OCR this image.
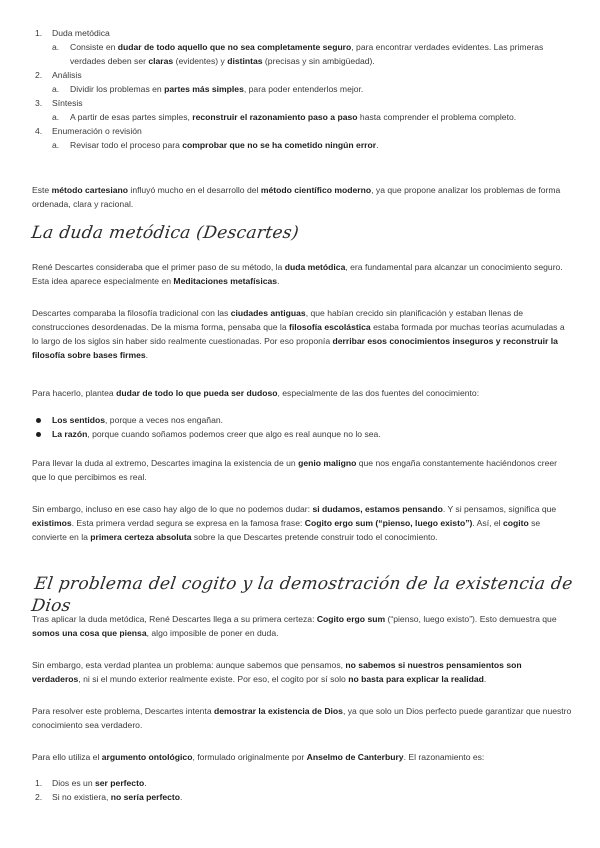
1. Duda metódica
a. Consiste en dudar de todo aquello que no sea completamente seguro, para encontrar verdades evidentes. Las primeras verdades deben ser claras (evidentes) y distintas (precisas y sin ambigüedad).
2. Análisis
a. Dividir los problemas en partes más simples, para poder entenderlos mejor.
3. Síntesis
a. A partir de esas partes simples, reconstruir el razonamiento paso a paso hasta comprender el problema completo.
4. Enumeración o revisión
a. Revisar todo el proceso para comprobar que no se ha cometido ningún error.

Este método cartesiano influyó mucho en el desarrollo del método científico moderno, ya que propone analizar los problemas de forma ordenada, clara y racional.

La duda metódica (Descartes)

René Descartes consideraba que el primer paso de su método, la duda metódica, era fundamental para alcanzar un conocimiento seguro. Esta idea aparece especialmente en Meditaciones metafísicas.

Descartes comparaba la filosofía tradicional con las ciudades antiguas, que habían crecido sin planificación y estaban llenas de construcciones desordenadas. De la misma forma, pensaba que la filosofía escolástica estaba formada por muchas teorías acumuladas a lo largo de los siglos sin haber sido realmente cuestionadas. Por eso proponía derribar esos conocimientos inseguros y reconstruir la filosofía sobre bases firmes.

Para hacerlo, plantea dudar de todo lo que pueda ser dudoso, especialmente de las dos fuentes del conocimiento:

Los sentidos, porque a veces nos engañan.
La razón, porque cuando soñamos podemos creer que algo es real aunque no lo sea.

Para llevar la duda al extremo, Descartes imagina la existencia de un genio maligno que nos engaña constantemente haciéndonos creer que lo que percibimos es real.

Sin embargo, incluso en ese caso hay algo de lo que no podemos dudar: si dudamos, estamos pensando. Y si pensamos, significa que existimos. Esta primera verdad segura se expresa en la famosa frase: Cogito ergo sum (“pienso, luego existo”). Así, el cogito se convierte en la primera certeza absoluta sobre la que Descartes pretende construir todo el conocimiento.

El problema del cogito y la demostración de la existencia de Dios

Tras aplicar la duda metódica, René Descartes llega a su primera certeza: Cogito ergo sum (“pienso, luego existo”). Esto demuestra que somos una cosa que piensa, algo imposible de poner en duda.

Sin embargo, esta verdad plantea un problema: aunque sabemos que pensamos, no sabemos si nuestros pensamientos son verdaderos, ni si el mundo exterior realmente existe. Por eso, el cogito por sí solo no basta para explicar la realidad.

Para resolver este problema, Descartes intenta demostrar la existencia de Dios, ya que solo un Dios perfecto puede garantizar que nuestro conocimiento sea verdadero.

Para ello utiliza el argumento ontológico, formulado originalmente por Anselmo de Canterbury. El razonamiento es:

1. Dios es un ser perfecto.
2. Si no existiera, no sería perfecto.
